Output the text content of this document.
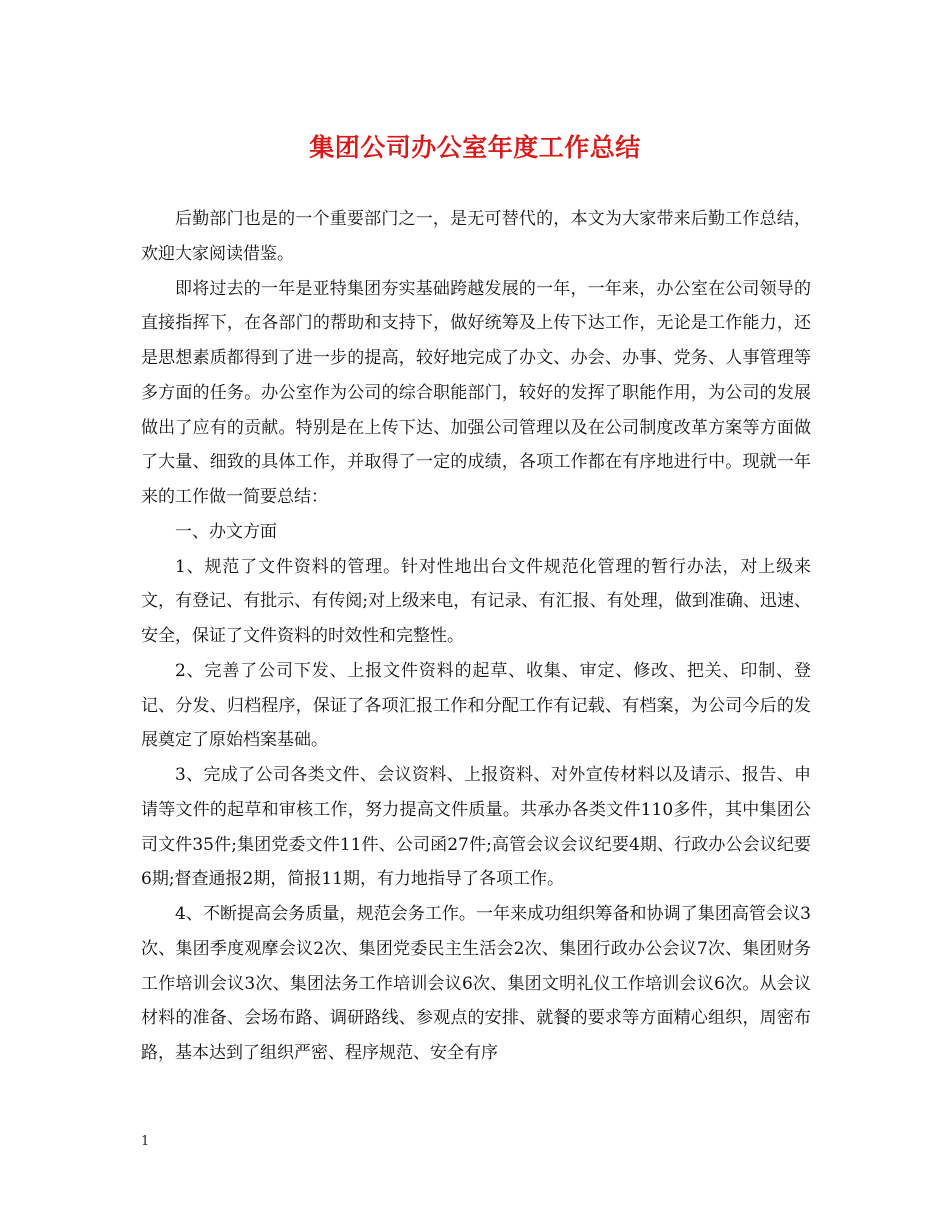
集团公司办公室年度工作总结

后勤部门也是的一个重要部门之一，是无可替代的，本文为大家带来后勤工作总结，欢迎大家阅读借鉴。

即将过去的一年是亚特集团夯实基础跨越发展的一年，一年来，办公室在公司领导的直接指挥下，在各部门的帮助和支持下，做好统筹及上传下达工作，无论是工作能力，还是思想素质都得到了进一步的提高，较好地完成了办文、办会、办事、党务、人事管理等多方面的任务。办公室作为公司的综合职能部门，较好的发挥了职能作用，为公司的发展做出了应有的贡献。特别是在上传下达、加强公司管理以及在公司制度改革方案等方面做了大量、细致的具体工作，并取得了一定的成绩，各项工作都在有序地进行中。现就一年来的工作做一简要总结：

一、办文方面

1、规范了文件资料的管理。针对性地出台文件规范化管理的暂行办法，对上级来文，有登记、有批示、有传阅;对上级来电，有记录、有汇报、有处理，做到准确、迅速、安全，保证了文件资料的时效性和完整性。

2、完善了公司下发、上报文件资料的起草、收集、审定、修改、把关、印制、登记、分发、归档程序，保证了各项汇报工作和分配工作有记载、有档案，为公司今后的发展奠定了原始档案基础。

3、完成了公司各类文件、会议资料、上报资料、对外宣传材料以及请示、报告、申请等文件的起草和审核工作，努力提高文件质量。共承办各类文件110多件，其中集团公司文件35件;集团党委文件11件、公司函27件;高管会议会议纪要4期、行政办公会议纪要6期;督查通报2期，简报11期，有力地指导了各项工作。

4、不断提高会务质量，规范会务工作。一年来成功组织筹备和协调了集团高管会议3次、集团季度观摩会议2次、集团党委民主生活会2次、集团行政办公会议7次、集团财务工作培训会议3次、集团法务工作培训会议6次、集团文明礼仪工作培训会议6次。从会议材料的准备、会场布路、调研路线、参观点的安排、就餐的要求等方面精心组织，周密布路，基本达到了组织严密、程序规范、安全有序

1
